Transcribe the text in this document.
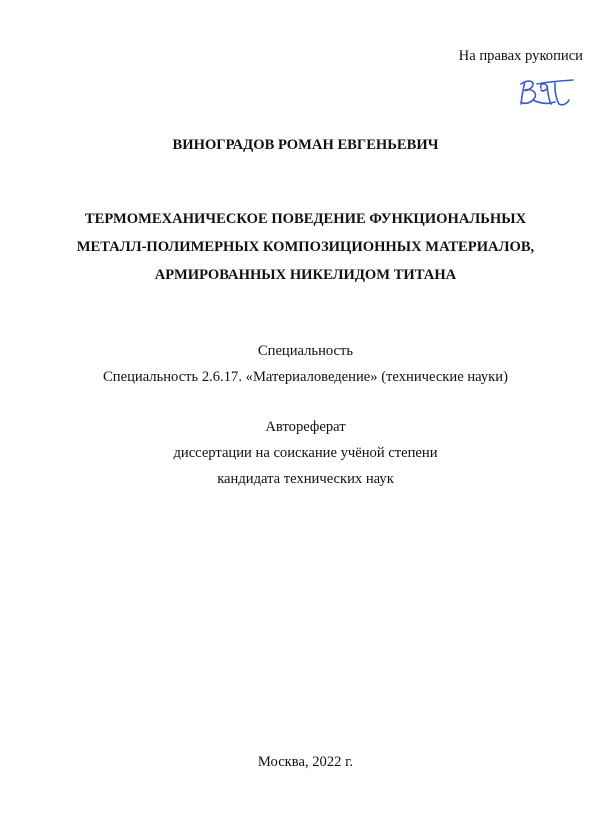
На правах рукописи
ВИНОГРАДОВ РОМАН ЕВГЕНЬЕВИЧ
ТЕРМОМЕХАНИЧЕСКОЕ ПОВЕДЕНИЕ ФУНКЦИОНАЛЬНЫХ
МЕТАЛЛ-ПОЛИМЕРНЫХ КОМПОЗИЦИОННЫХ МАТЕРИАЛОВ,
АРМИРОВАННЫХ НИКЕЛИДОМ ТИТАНА
Специальность
Специальность 2.6.17. «Материаловедение» (технические науки)
Автореферат
диссертации на соискание учёной степени
кандидата технических наук
Москва, 2022 г.
